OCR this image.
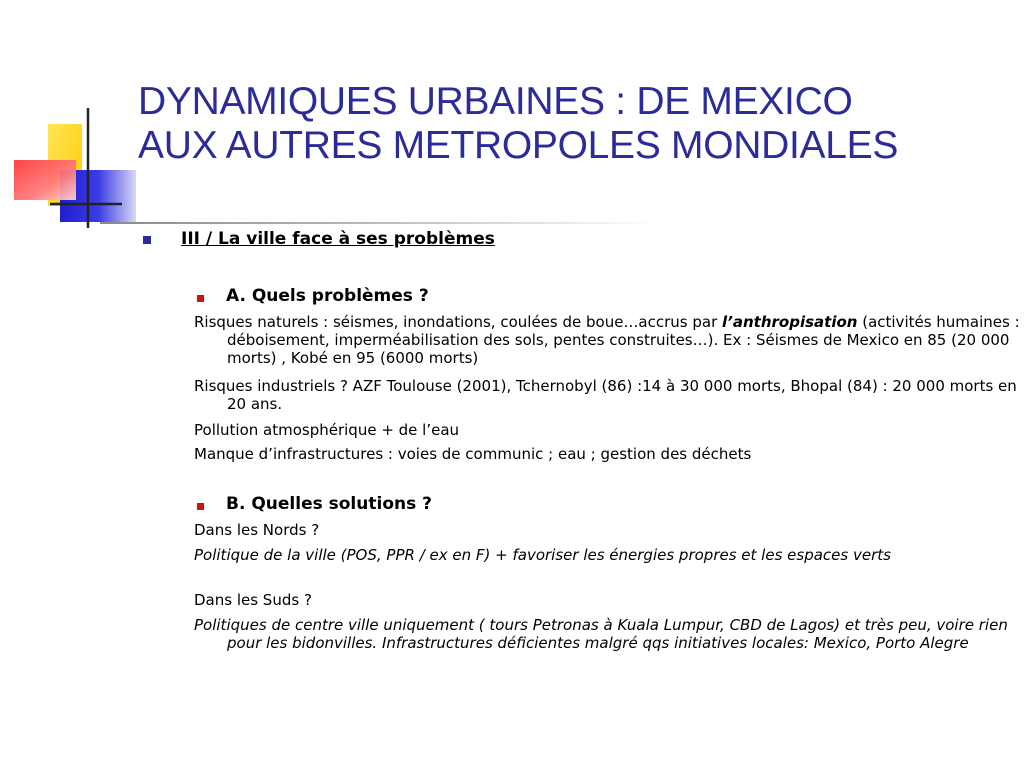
DYNAMIQUES URBAINES : DE MEXICO
AUX AUTRES METROPOLES MONDIALES
III / La ville face à ses problèmes
A. Quels problèmes ?

Risques naturels : séismes, inondations, coulées de boue…accrus par l’anthropisation (activités humaines : déboisement, imperméabilisation des sols, pentes construites…). Ex : Séismes de Mexico en 85 (20 000 morts) , Kobé en 95 (6000 morts)

Risques industriels ? AZF Toulouse (2001), Tchernobyl (86) :14 à 30 000 morts, Bhopal (84) : 20 000 morts en 20 ans.

Pollution atmosphérique + de l’eau

Manque d’infrastructures : voies de communic ; eau ; gestion des déchets

B. Quelles solutions ?

Dans les Nords ?

Politique de la ville (POS, PPR / ex en F) + favoriser les énergies propres et les espaces verts

Dans les Suds ?

Politiques de centre ville uniquement ( tours Petronas à Kuala Lumpur, CBD de Lagos) et très peu, voire rien pour les bidonvilles. Infrastructures déficientes malgré qqs initiatives locales: Mexico, Porto Alegre
